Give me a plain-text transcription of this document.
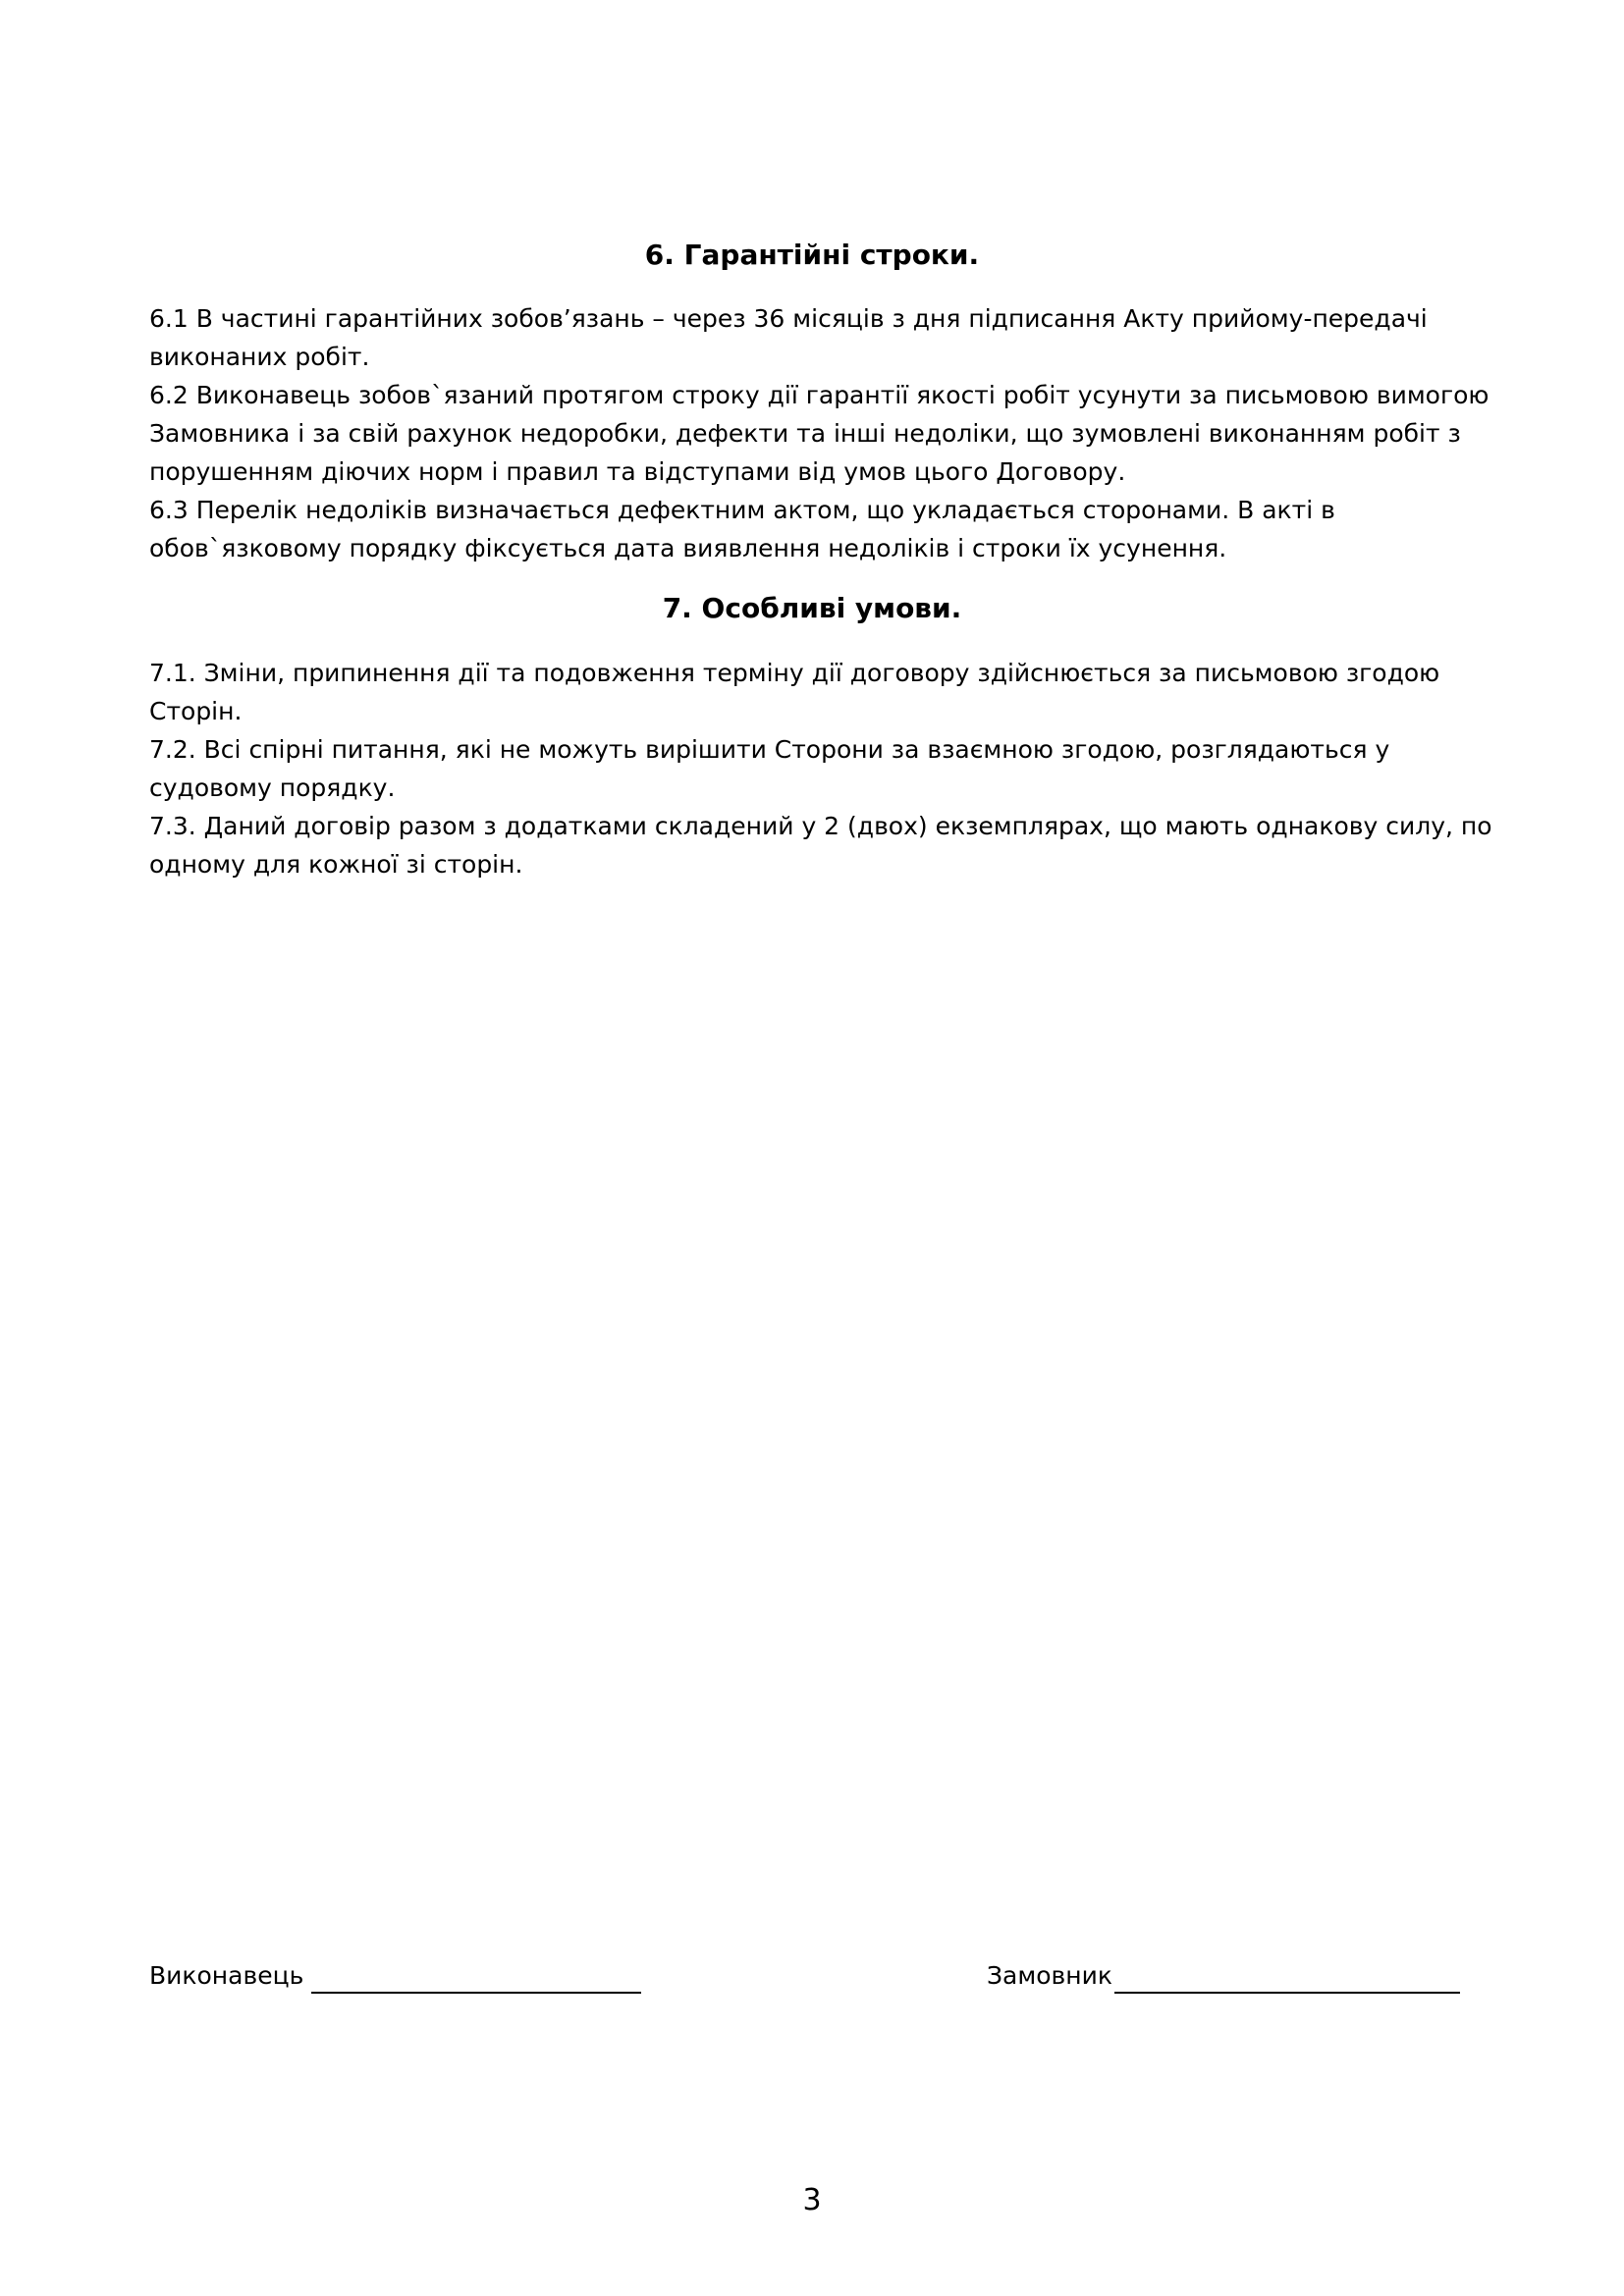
6. Гарантійні строки.

6.1 В частині гарантійних зобов’язань – через 36 місяців з дня підписання Акту прийому-передачі виконаних робіт.

6.2 Виконавець зобов`язаний протягом строку дії гарантії якості робіт усунути за письмовою вимогою Замовника і за свій рахунок недоробки, дефекти та інші недоліки, що зумовлені виконанням робіт з порушенням діючих норм і правил та відступами від умов цього Договору.

6.3 Перелік недоліків визначається дефектним актом, що укладається сторонами. В акті в обов`язковому порядку фіксується дата виявлення недоліків і строки їх усунення.

7. Особливі умови.

7.1. Зміни, припинення дії та подовження терміну дії договору здійснюється за письмовою згодою Сторін.

7.2. Всі спірні питання, які не можуть вирішити Сторони за взаємною згодою, розглядаються у судовому порядку.

7.3. Даний договір разом з додатками складений у 2 (двох) екземплярах, що мають однакову силу, по одному для кожної зі сторін.

Виконавець	Замовник
3
